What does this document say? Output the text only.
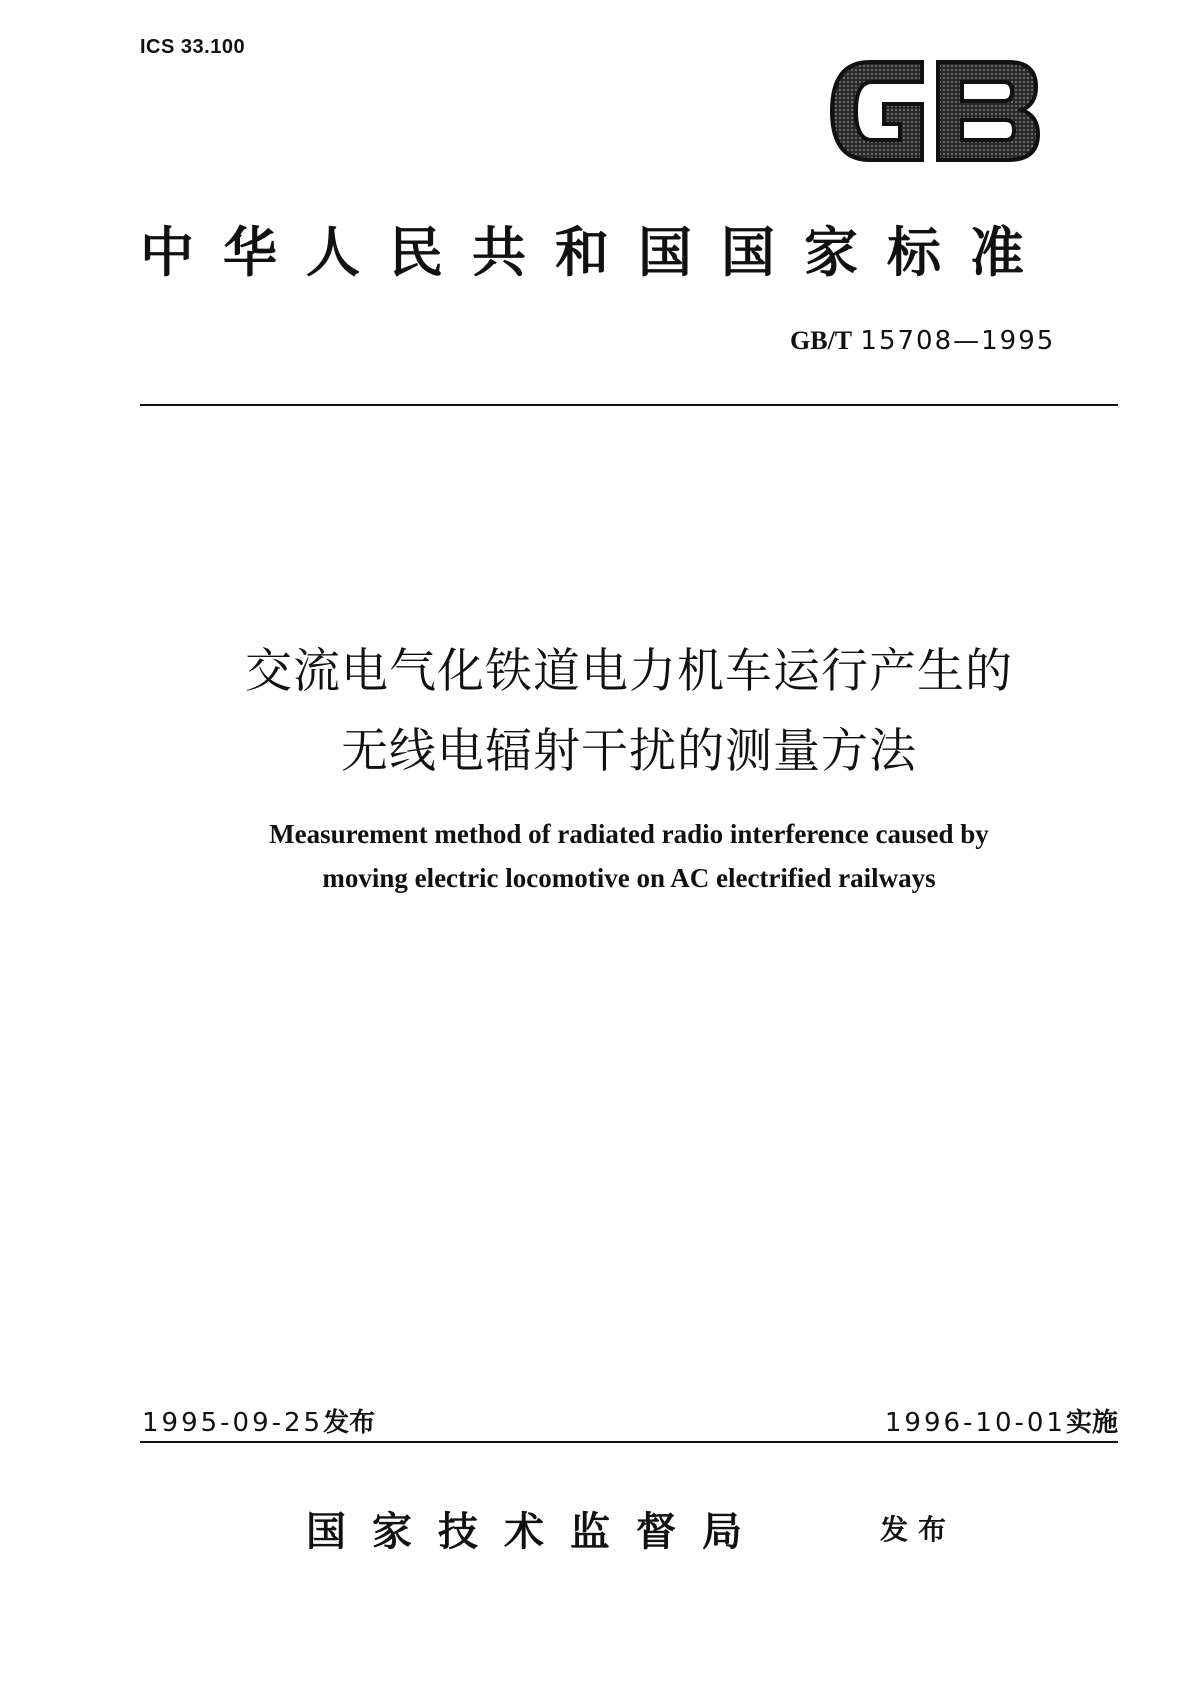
ICS 33.100
中华人民共和国国家标准
GB/T 15708—1995
交流电气化铁道电力机车运行产生的
无线电辐射干扰的测量方法
Measurement method of radiated radio interference caused by
moving electric locomotive on AC electrified railways
1995-09-25发布	1996-10-01实施
国家技术监督局	发布
